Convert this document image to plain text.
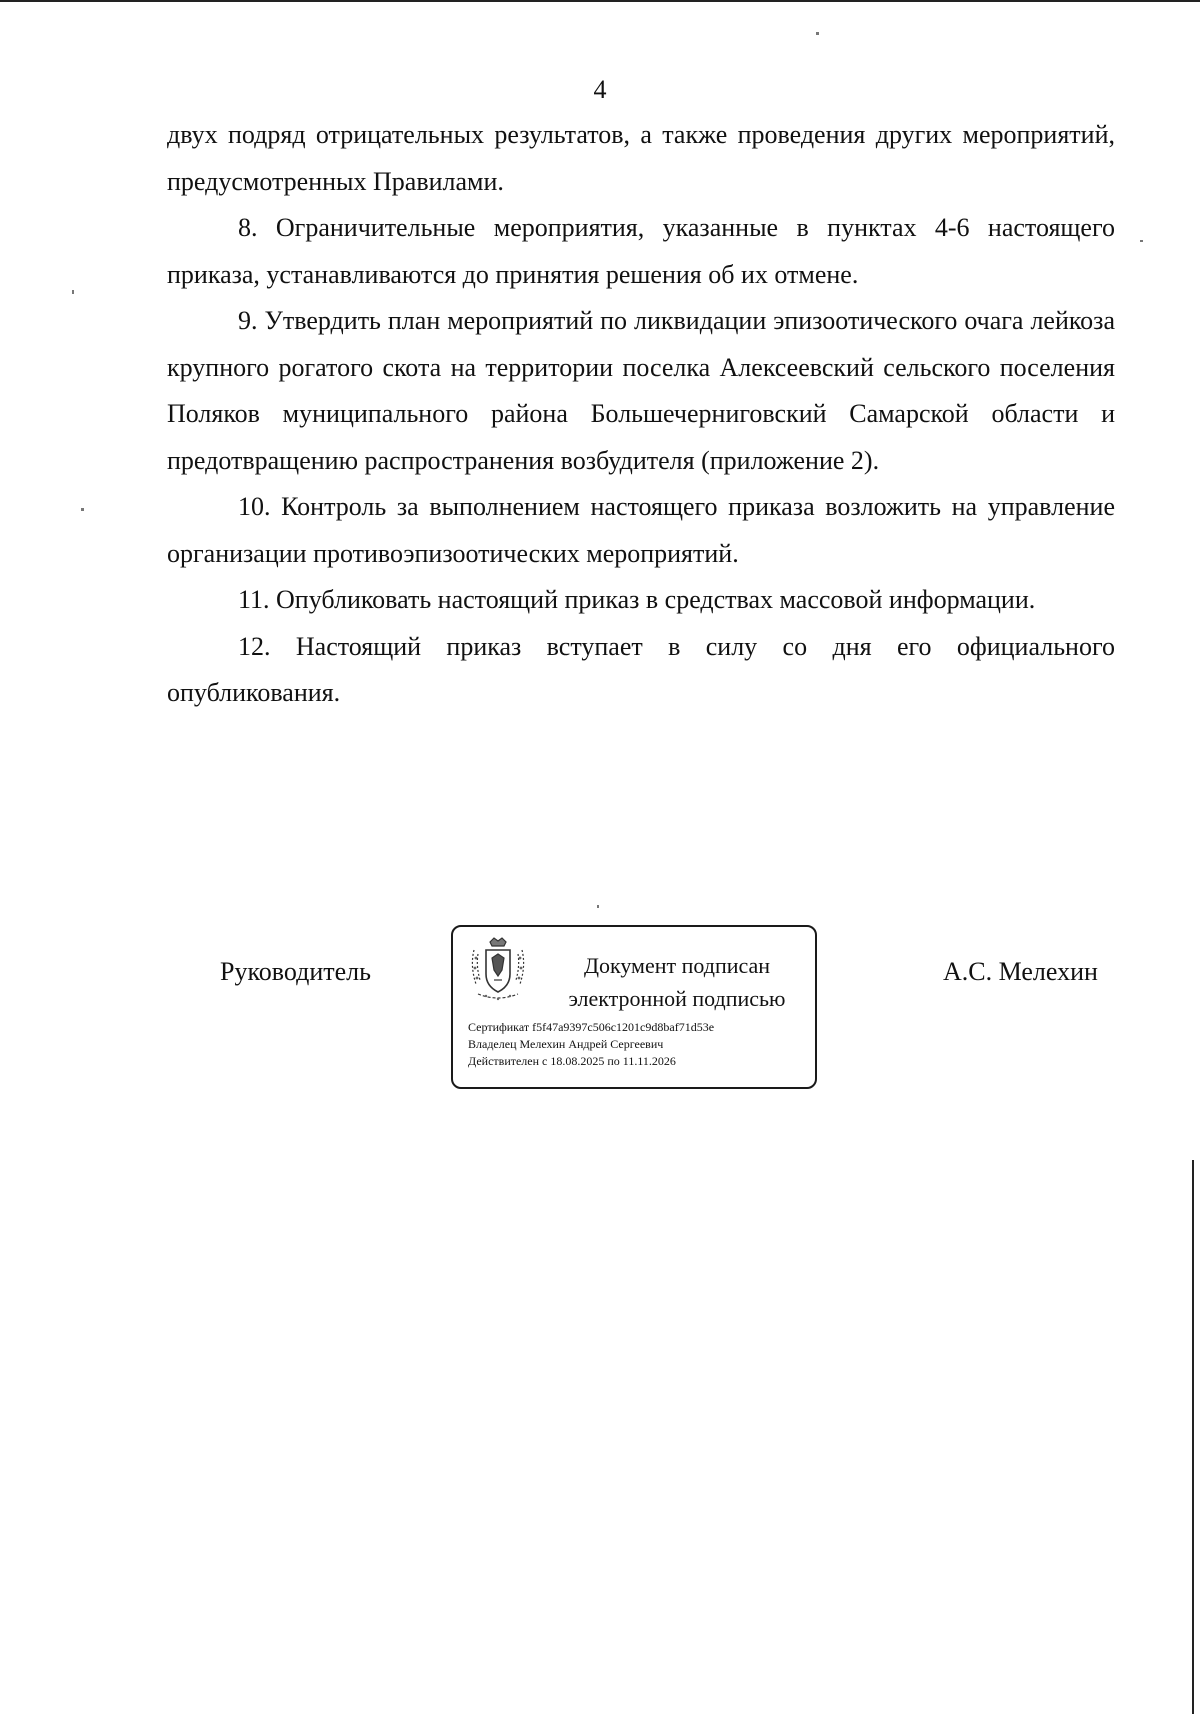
4

двух подряд отрицательных результатов, а также проведения других мероприятий, предусмотренных Правилами.

8. Ограничительные мероприятия, указанные в пунктах 4-6 настоящего приказа, устанавливаются до принятия решения об их отмене.

9. Утвердить план мероприятий по ликвидации эпизоотического очага лейкоза крупного рогатого скота на территории поселка Алексеевский сельского поселения Поляков муниципального района Большечерниговский Самарской области и предотвращению распространения возбудителя (приложение 2).

10. Контроль за выполнением настоящего приказа возложить на управление организации противоэпизоотических мероприятий.

11. Опубликовать настоящий приказ в средствах массовой информации.

12. Настоящий приказ вступает в силу со дня его официального опубликования.

Руководитель	Документ подписан
электронной подписью
Сертификат f5f47a9397c506c1201c9d8baf71d53e
Владелец Мелехин Андрей Сергеевич
Действителен с 18.08.2025 по 11.11.2026
А.С. Мелехин
